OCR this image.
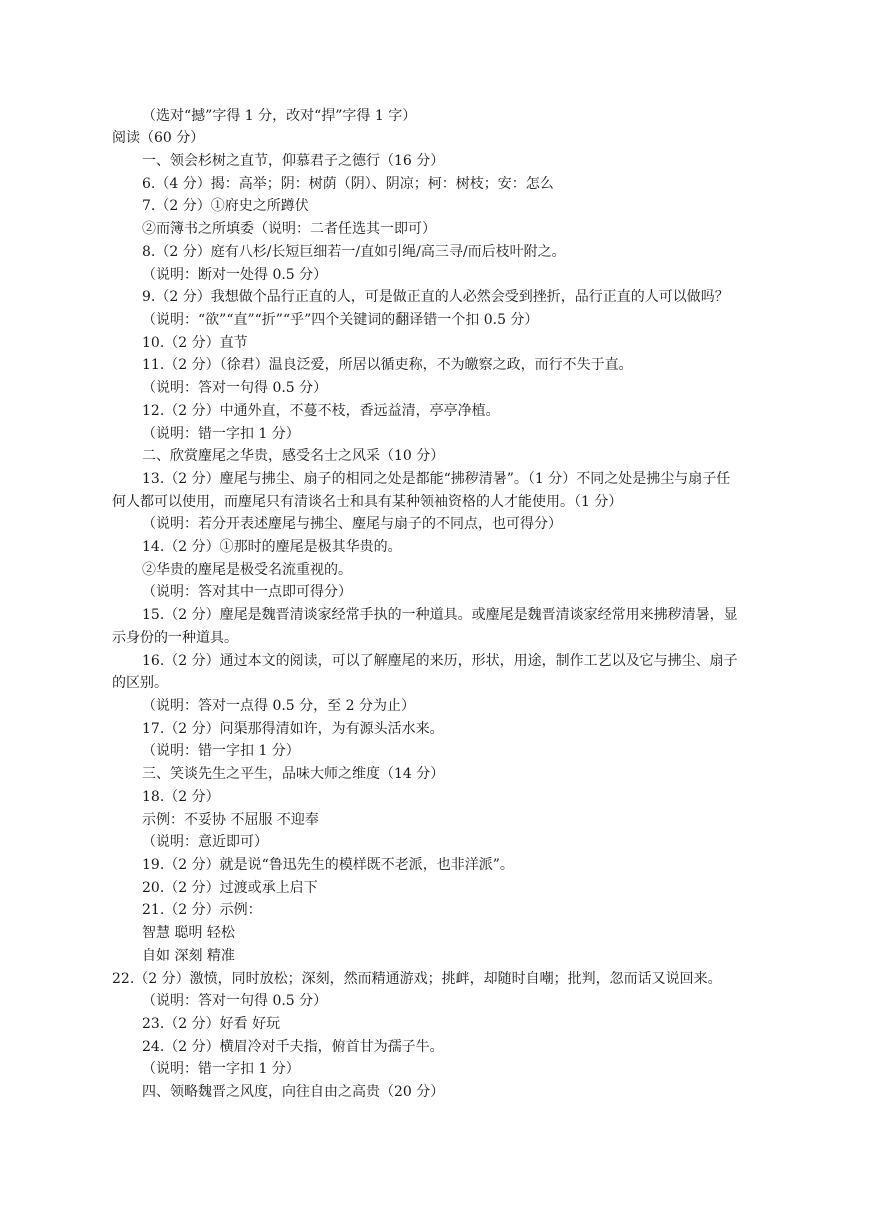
（选对“撼”字得 1 分，改对“捍”字得 1 字）
阅读（60 分）
一、领会杉树之直节，仰慕君子之德行（16 分）
6.（4 分）揭：高举；阴：树荫（阴）、阴凉；柯：树枝；安：怎么
7.（2 分）①府史之所蹲伏
②而簿书之所填委（说明：二者任选其一即可）
8.（2 分）庭有八杉/长短巨细若一/直如引绳/高三寻/而后枝叶附之。
（说明：断对一处得 0.5 分）
9.（2 分）我想做个品行正直的人，可是做正直的人必然会受到挫折，品行正直的人可以做吗？
（说明：“欲”“直”“折”“乎”四个关键词的翻译错一个扣 0.5 分）
10.（2 分）直节
11.（2 分）（徐君）温良泛爱，所居以循吏称，不为皦察之政，而行不失于直。
（说明：答对一句得 0.5 分）
12.（2 分）中通外直，不蔓不枝，香远益清，亭亭净植。
（说明：错一字扣 1 分）
二、欣赏麈尾之华贵，感受名士之风采（10 分）
13.（2 分）麈尾与拂尘、扇子的相同之处是都能“拂秽清暑”。（1 分）不同之处是拂尘与扇子任
何人都可以使用，而麈尾只有清谈名士和具有某种领袖资格的人才能使用。（1 分）
（说明：若分开表述麈尾与拂尘、麈尾与扇子的不同点，也可得分）
14.（2 分）①那时的麈尾是极其华贵的。
②华贵的麈尾是极受名流重视的。
（说明：答对其中一点即可得分）
15.（2 分）麈尾是魏晋清谈家经常手执的一种道具。或麈尾是魏晋清谈家经常用来拂秽清暑，显
示身份的一种道具。
16.（2 分）通过本文的阅读，可以了解麈尾的来历，形状，用途，制作工艺以及它与拂尘、扇子
的区别。
（说明：答对一点得 0.5 分，至 2 分为止）
17.（2 分）问渠那得清如许，为有源头活水来。
（说明：错一字扣 1 分）
三、笑谈先生之平生，品味大师之维度（14 分）
18.（2 分）
示例：不妥协 不屈服 不迎奉
（说明：意近即可）
19.（2 分）就是说“鲁迅先生的模样既不老派，也非洋派”。
20.（2 分）过渡或承上启下
21.（2 分）示例：
智慧 聪明 轻松
自如 深刻 精准
22.（2 分）激愤，同时放松；深刻，然而精通游戏；挑衅，却随时自嘲；批判，忽而话又说回来。
（说明：答对一句得 0.5 分）
23.（2 分）好看 好玩
24.（2 分）横眉冷对千夫指，俯首甘为孺子牛。
（说明：错一字扣 1 分）
四、领略魏晋之风度，向往自由之高贵（20 分）
